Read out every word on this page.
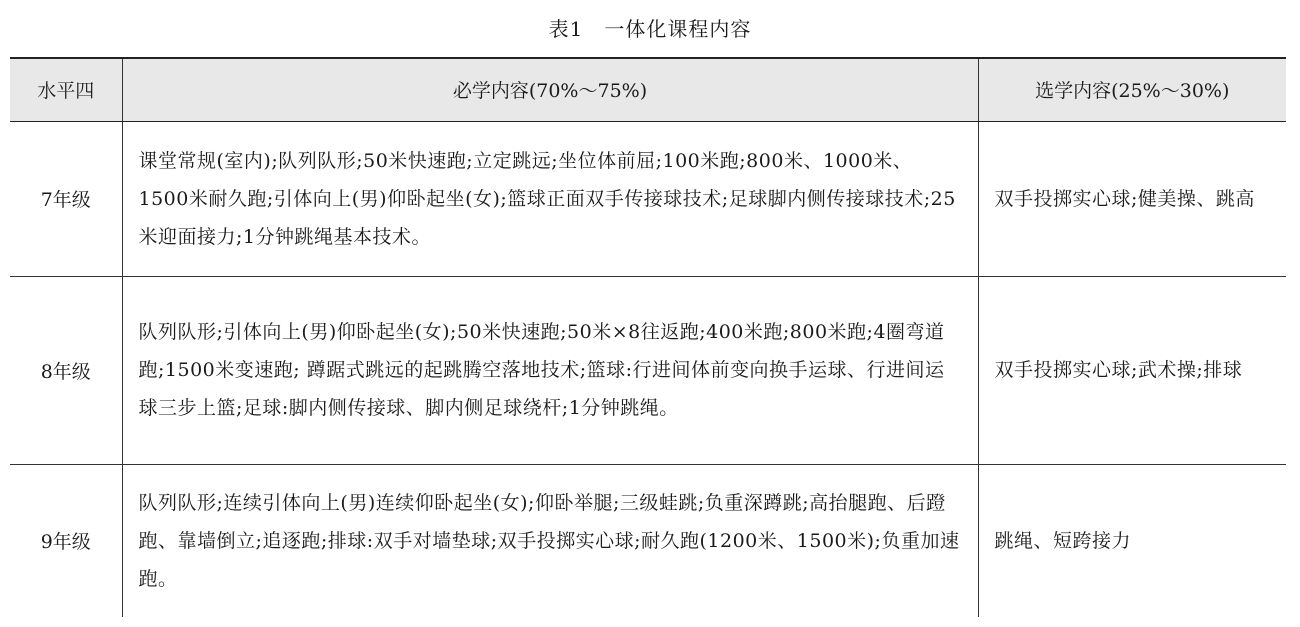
表1　一体化课程内容
水平四	必学内容(70%～75%)	选学内容(25%～30%)
7年级	课堂常规(室内);队列队形;50米快速跑;立定跳远;坐位体前屈;100米跑;800米、1000米、1500米耐久跑;引体向上(男)仰卧起坐(女);篮球正面双手传接球技术;足球脚内侧传接球技术;25米迎面接力;1分钟跳绳基本技术。	双手投掷实心球;健美操、跳高
8年级	队列队形;引体向上(男)仰卧起坐(女);50米快速跑;50米×8往返跑;400米跑;800米跑;4圈弯道跑;1500米变速跑; 蹲踞式跳远的起跳腾空落地技术;篮球:行进间体前变向换手运球、行进间运球三步上篮;足球:脚内侧传接球、脚内侧足球绕杆;1分钟跳绳。	双手投掷实心球;武术操;排球
9年级	队列队形;连续引体向上(男)连续仰卧起坐(女);仰卧举腿;三级蛙跳;负重深蹲跳;高抬腿跑、后蹬跑、靠墙倒立;追逐跑;排球:双手对墙垫球;双手投掷实心球;耐久跑(1200米、1500米);负重加速跑。	跳绳、短跨接力
